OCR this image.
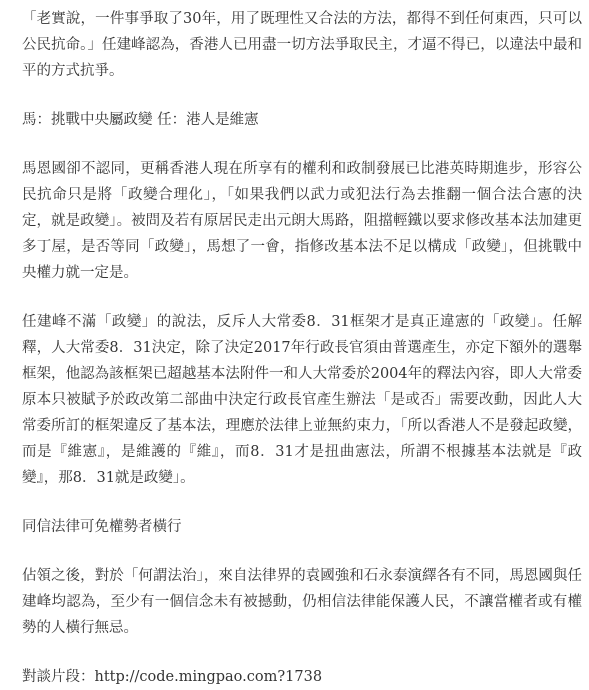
「老實說，一件事爭取了30年，用了既理性又合法的方法，都得不到任何東西，只可以公民抗命。」任建峰認為，香港人已用盡一切方法爭取民主，才逼不得已，以違法中最和平的方式抗爭。

馬：挑戰中央屬政變 任：港人是維憲

馬恩國卻不認同，更稱香港人現在所享有的權利和政制發展已比港英時期進步，形容公民抗命只是將「政變合理化」，「如果我們以武力或犯法行為去推翻一個合法合憲的決定，就是政變」。被問及若有原居民走出元朗大馬路，阻擋輕鐵以要求修改基本法加建更多丁屋，是否等同「政變」，馬想了一會，指修改基本法不足以構成「政變」，但挑戰中央權力就一定是。

任建峰不滿「政變」的說法，反斥人大常委8．31框架才是真正違憲的「政變」。任解釋，人大常委8．31決定，除了決定2017年行政長官須由普選產生，亦定下額外的選舉框架，他認為該框架已超越基本法附件一和人大常委於2004年的釋法內容，即人大常委原本只被賦予於政改第二部曲中決定行政長官產生辦法「是或否」需要改動，因此人大常委所訂的框架違反了基本法，理應於法律上並無約束力，「所以香港人不是發起政變，而是『維憲』，是維護的『維』，而8．31才是扭曲憲法，所謂不根據基本法就是『政變』，那8．31就是政變」。

同信法律可免權勢者橫行

佔領之後，對於「何謂法治」，來自法律界的袁國強和石永泰演繹各有不同，馬恩國與任建峰均認為，至少有一個信念未有被撼動，仍相信法律能保護人民，不讓當權者或有權勢的人橫行無忌。

對談片段：http://code.mingpao.com?1738
